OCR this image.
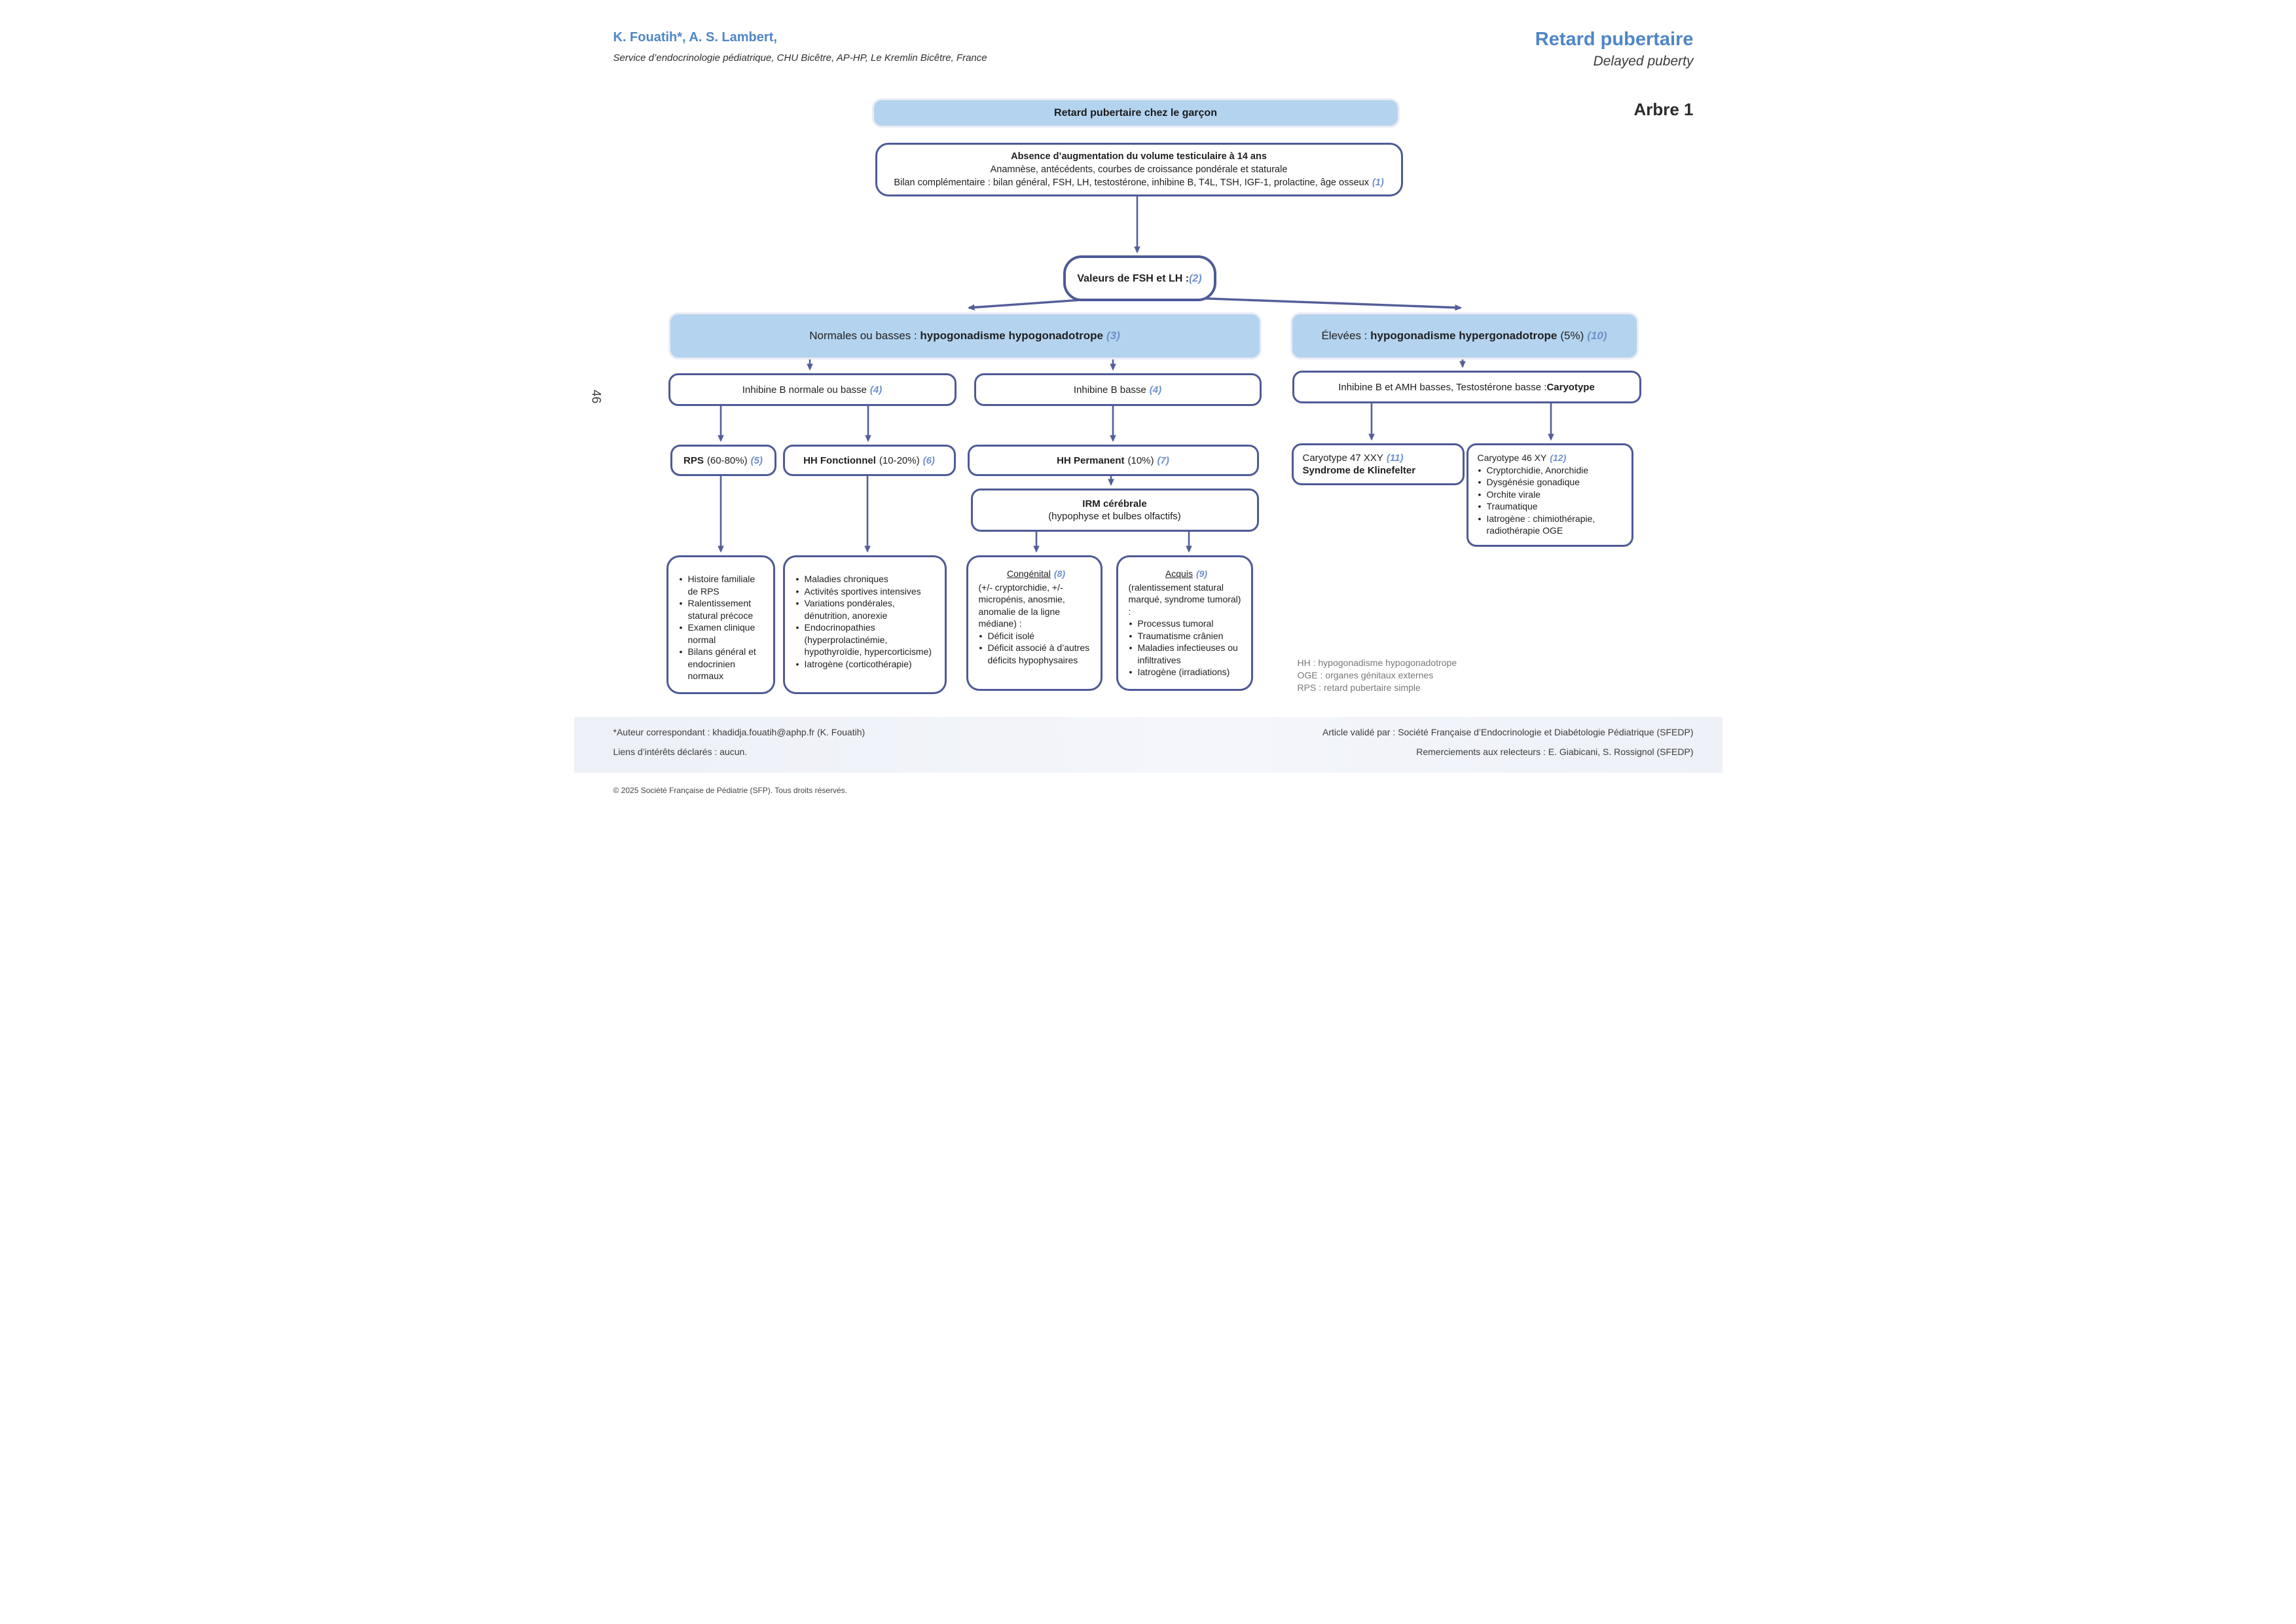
K. Fouatih*, A. S. Lambert,
Service d’endocrinologie pédiatrique, CHU Bicêtre, AP-HP, Le Kremlin Bicêtre, France
Retard pubertaire
Delayed puberty
Arbre 1
46
Retard pubertaire chez le garçon
Absence d’augmentation du volume testiculaire à 14 ans
Anamnèse, antécédents, courbes de croissance pondérale et staturale
Bilan complémentaire : bilan général, FSH, LH, testostérone, inhibine B, T4L, TSH, IGF-1, prolactine, âge osseux (1)
Valeurs de FSH et LH : (2)
Normales ou basses : hypogonadisme hypogonadotrope (3)	Élevées : hypogonadisme hypergonadotrope (5%) (10)
Inhibine B normale ou basse (4)	Inhibine B basse (4)	Inhibine B et AMH basses, Testostérone basse : Caryotype
RPS (60-80%) (5)	HH Fonctionnel (10-20%) (6)	HH Permanent (10%) (7)	Caryotype 47 XXY (11)
Syndrome de Klinefelter
Caryotype 46 XY (12)
• Cryptorchidie, Anorchidie
• Dysgénésie gonadique
• Orchite virale
• Traumatique
• Iatrogène : chimiothérapie, radiothérapie OGE
IRM cérébrale
(hypophyse et bulbes olfactifs)
• Histoire familiale de RPS
• Ralentissement statural précoce
• Examen clinique normal
• Bilans général et endocrinien normaux
• Maladies chroniques
• Activités sportives intensives
• Variations pondérales, dénutrition, anorexie
• Endocrinopathies (hyperprolactinémie, hypothyroïdie, hypercorticisme)
• Iatrogène (corticothérapie)
Congénital (8)
(+/- cryptorchidie, +/- micropénis, anosmie, anomalie de la ligne médiane) :
• Déficit isolé
• Déficit associé à d’autres déficits hypophysaires
Acquis (9)
(ralentissement statural marqué, syndrome tumoral) :
• Processus tumoral
• Traumatisme crânien
• Maladies infectieuses ou infiltratives
• Iatrogène (irradiations)
HH : hypogonadisme hypogonadotrope
OGE : organes génitaux externes
RPS : retard pubertaire simple
*Auteur correspondant : khadidja.fouatih@aphp.fr (K. Fouatih)
Liens d’intérêts déclarés : aucun.
Article validé par : Société Française d’Endocrinologie et Diabétologie Pédiatrique (SFEDP)
Remerciements aux relecteurs : E. Giabicani, S. Rossignol (SFEDP)
© 2025 Société Française de Pédiatrie (SFP). Tous droits réservés.
